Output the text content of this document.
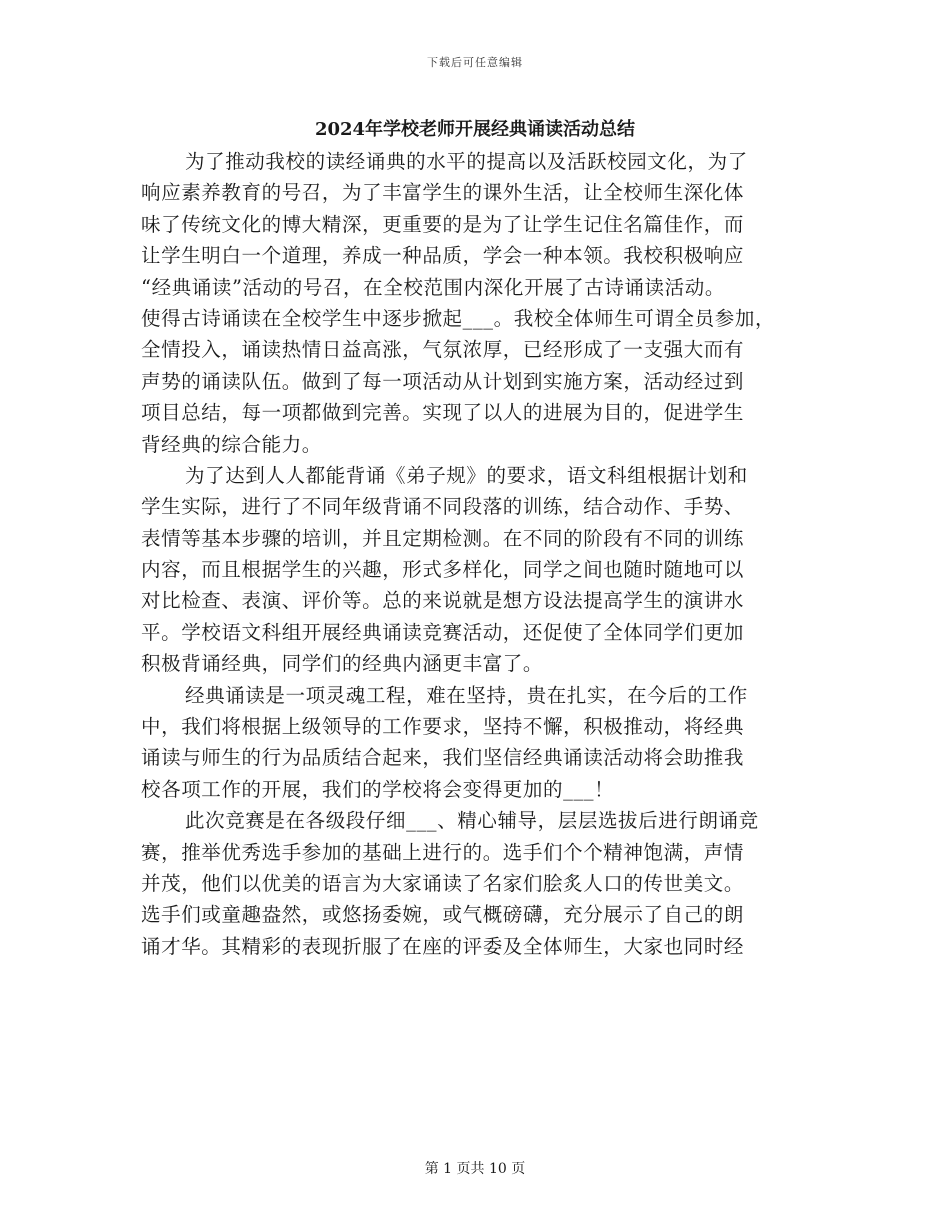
下载后可任意编辑
2024年学校老师开展经典诵读活动总结
为了推动我校的读经诵典的水平的提高以及活跃校园文化，为了
响应素养教育的号召，为了丰富学生的课外生活，让全校师生深化体
味了传统文化的博大精深，更重要的是为了让学生记住名篇佳作，而
让学生明白一个道理，养成一种品质，学会一种本领。我校积极响应
“经典诵读”活动的号召，在全校范围内深化开展了古诗诵读活动。
使得古诗诵读在全校学生中逐步掀起___。我校全体师生可谓全员参加，
全情投入，诵读热情日益高涨，气氛浓厚，已经形成了一支强大而有
声势的诵读队伍。做到了每一项活动从计划到实施方案，活动经过到
项目总结，每一项都做到完善。实现了以人的进展为目的，促进学生
背经典的综合能力。
为了达到人人都能背诵《弟子规》的要求，语文科组根据计划和
学生实际，进行了不同年级背诵不同段落的训练，结合动作、手势、
表情等基本步骤的培训，并且定期检测。在不同的阶段有不同的训练
内容，而且根据学生的兴趣，形式多样化，同学之间也随时随地可以
对比检查、表演、评价等。总的来说就是想方设法提高学生的演讲水
平。学校语文科组开展经典诵读竞赛活动，还促使了全体同学们更加
积极背诵经典，同学们的经典内涵更丰富了。
经典诵读是一项灵魂工程，难在坚持，贵在扎实，在今后的工作
中，我们将根据上级领导的工作要求，坚持不懈，积极推动，将经典
诵读与师生的行为品质结合起来，我们坚信经典诵读活动将会助推我
校各项工作的开展，我们的学校将会变得更加的___！
此次竞赛是在各级段仔细___、精心辅导，层层选拔后进行朗诵竞
赛，推举优秀选手参加的基础上进行的。选手们个个精神饱满，声情
并茂，他们以优美的语言为大家诵读了名家们脍炙人口的传世美文。
选手们或童趣盎然，或悠扬委婉，或气概磅礴，充分展示了自己的朗
诵才华。其精彩的表现折服了在座的评委及全体师生，大家也同时经
第 1 页共 10 页
